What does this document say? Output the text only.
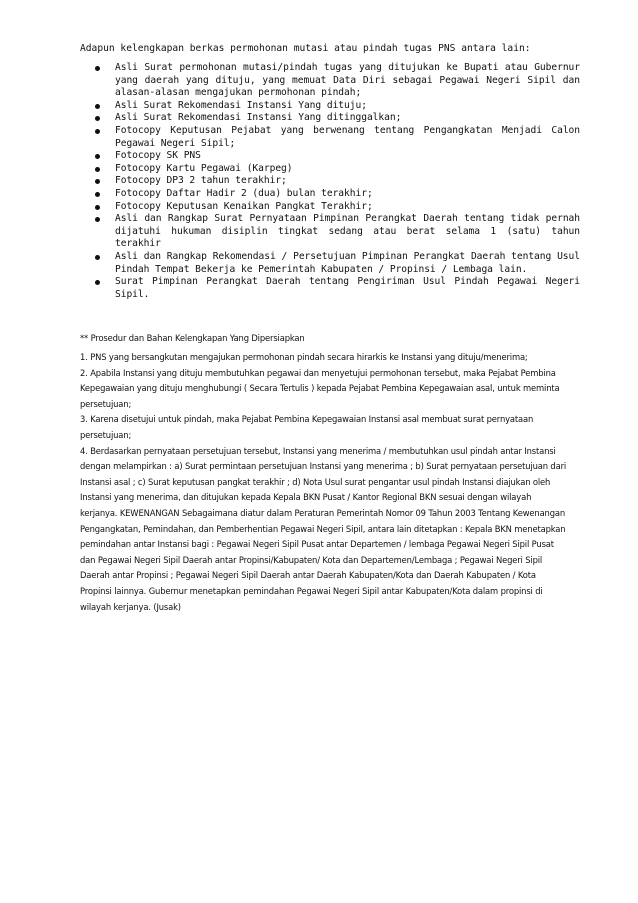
Adapun kelengkapan berkas permohonan mutasi atau pindah tugas PNS antara lain:
Asli Surat permohonan mutasi/pindah tugas yang ditujukan ke Bupati atau Gubernur yang daerah yang dituju, yang memuat Data Diri sebagai Pegawai Negeri Sipil dan alasan-alasan mengajukan permohonan pindah;
Asli Surat Rekomendasi Instansi Yang dituju;
Asli Surat Rekomendasi Instansi Yang ditinggalkan;
Fotocopy Keputusan Pejabat yang berwenang tentang Pengangkatan Menjadi Calon Pegawai Negeri Sipil;
Fotocopy SK PNS
Fotocopy Kartu Pegawai (Karpeg)
Fotocopy DP3 2 tahun terakhir;
Fotocopy Daftar Hadir 2 (dua) bulan terakhir;
Fotocopy Keputusan Kenaikan Pangkat Terakhir;
Asli dan Rangkap Surat Pernyataan Pimpinan Perangkat Daerah tentang tidak pernah dijatuhi hukuman disiplin tingkat sedang atau berat selama 1 (satu) tahun terakhir
Asli dan Rangkap Rekomendasi / Persetujuan Pimpinan Perangkat Daerah tentang Usul Pindah Tempat Bekerja ke Pemerintah Kabupaten / Propinsi / Lembaga lain.
Surat Pimpinan Perangkat Daerah tentang Pengiriman Usul Pindah Pegawai Negeri Sipil.
** Prosedur dan Bahan Kelengkapan Yang Dipersiapkan

1. PNS yang bersangkutan mengajukan permohonan pindah secara hirarkis ke Instansi yang dituju/menerima;

2. Apabila Instansi yang dituju membutuhkan pegawai dan menyetujui permohonan tersebut, maka Pejabat Pembina Kepegawaian yang dituju menghubungi ( Secara Tertulis ) kepada Pejabat Pembina Kepegawaian asal, untuk meminta persetujuan;

3. Karena disetujui untuk pindah, maka Pejabat Pembina Kepegawaian Instansi asal membuat surat pernyataan persetujuan;

4. Berdasarkan pernyataan persetujuan tersebut, Instansi yang menerima / membutuhkan usul pindah antar Instansi dengan melampirkan : a) Surat permintaan persetujuan Instansi yang menerima ; b) Surat pernyataan persetujuan dari Instansi asal ; c) Surat keputusan pangkat terakhir ; d) Nota Usul surat pengantar usul pindah Instansi diajukan oleh Instansi yang menerima, dan ditujukan kepada Kepala BKN Pusat / Kantor Regional BKN sesuai dengan wilayah kerjanya. KEWENANGAN Sebagaimana diatur dalam Peraturan Pemerintah Nomor 09 Tahun 2003 Tentang Kewenangan Pengangkatan, Pemindahan, dan Pemberhentian Pegawai Negeri Sipil, antara lain ditetapkan : Kepala BKN menetapkan pemindahan antar Instansi bagi : Pegawai Negeri Sipil Pusat antar Departemen / lembaga Pegawai Negeri Sipil Pusat dan Pegawai Negeri Sipil Daerah antar Propinsi/Kabupaten/ Kota dan Departemen/Lembaga ; Pegawai Negeri Sipil Daerah antar Propinsi ; Pegawai Negeri Sipil Daerah antar Daerah Kabupaten/Kota dan Daerah Kabupaten / Kota Propinsi lainnya. Gubernur menetapkan pemindahan Pegawai Negeri Sipil antar Kabupaten/Kota dalam propinsi di wilayah kerjanya. (Jusak)
